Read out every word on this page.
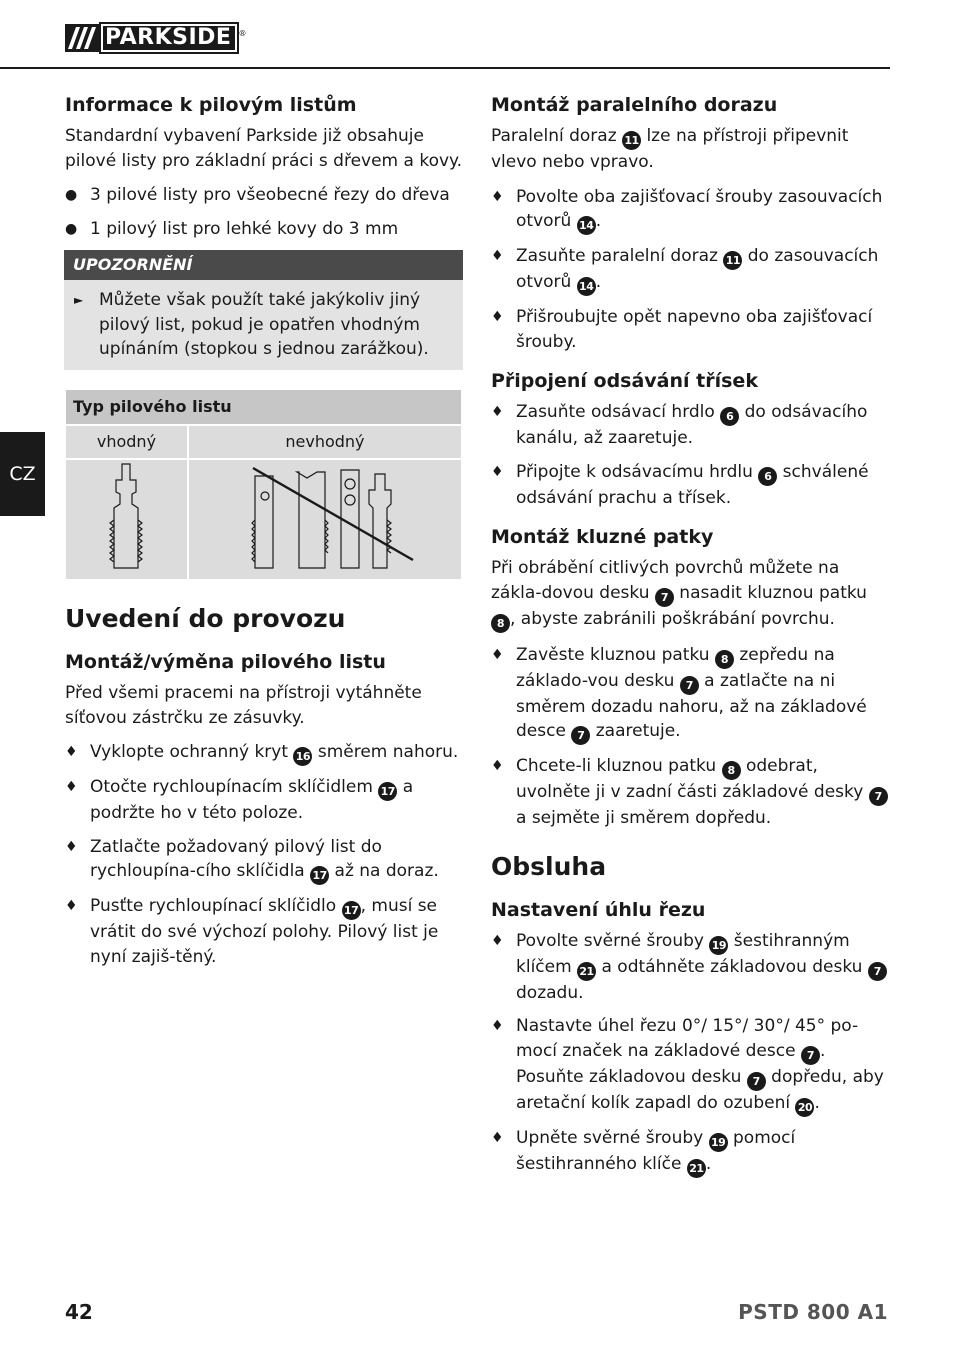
PARKSIDE ®
CZ
Informace k pilovým listům

Standardní vybavení Parkside již obsahuje pilové listy pro základní práci s dřevem a kovy.

● 3 pilové listy pro všeobecné řezy do dřeva
● 1 pilový list pro lehké kovy do 3 mm
UPOZORNĚNÍ
► Můžete však použít také jakýkoliv jiný pilový list, pokud je opatřen vhodným upínáním (stopkou s jednou zarážkou).
Typ pilového listu	
vhodný	nevhodný

Uvedení do provozu
Montáž/výměna pilového listu

Před všemi pracemi na přístroji vytáhněte síťovou zástrčku ze zásuvky.

♦ Vyklopte ochranný kryt 16 směrem nahoru.
♦ Otočte rychloupínacím sklíčidlem 17 a podržte ho v této poloze.
♦ Zatlačte požadovaný pilový list do rychloupína-cího sklíčidla 17 až na doraz.
♦ Pusťte rychloupínací sklíčidlo 17 , musí se vrátit do své výchozí polohy. Pilový list je nyní zajiš-těný.
Montáž paralelního dorazu

Paralelní doraz 11 lze na přístroji připevnit vlevo nebo vpravo.

♦ Povolte oba zajišťovací šrouby zasouvacích otvorů 14 .
♦ Zasuňte paralelní doraz 11 do zasouvacích otvorů 14 .
♦ Přišroubujte opět napevno oba zajišťovací šrouby.
Připojení odsávání třísek
♦ Zasuňte odsávací hrdlo 6 do odsávacího kanálu, až zaaretuje.
♦ Připojte k odsávacímu hrdlu 6 schválené odsávání prachu a třísek.
Montáž kluzné patky

Při obrábění citlivých povrchů můžete na zákla-dovou desku 7 nasadit kluznou patku 8 , abyste zabránili poškrábání povrchu.

♦ Zavěste kluznou patku 8 zepředu na základo-vou desku 7 a zatlačte na ni směrem dozadu nahoru, až na základové desce 7 zaaretuje.
♦ Chcete-li kluznou patku 8 odebrat, uvolněte ji v zadní části základové desky 7 a sejměte ji směrem dopředu.
Obsluha
Nastavení úhlu řezu
♦ Povolte svěrné šrouby 19 šestihranným klíčem 21 a odtáhněte základovou desku 7 dozadu.
♦ Nastavte úhel řezu 0°/ 15°/ 30°/ 45° po-mocí značek na základové desce 7 . Posuňte základovou desku 7 dopředu, aby aretační kolík zapadl do ozubení 20 .
♦ Upněte svěrné šrouby 19 pomocí šestihranného klíče 21 .
42	PSTD 800 A1
